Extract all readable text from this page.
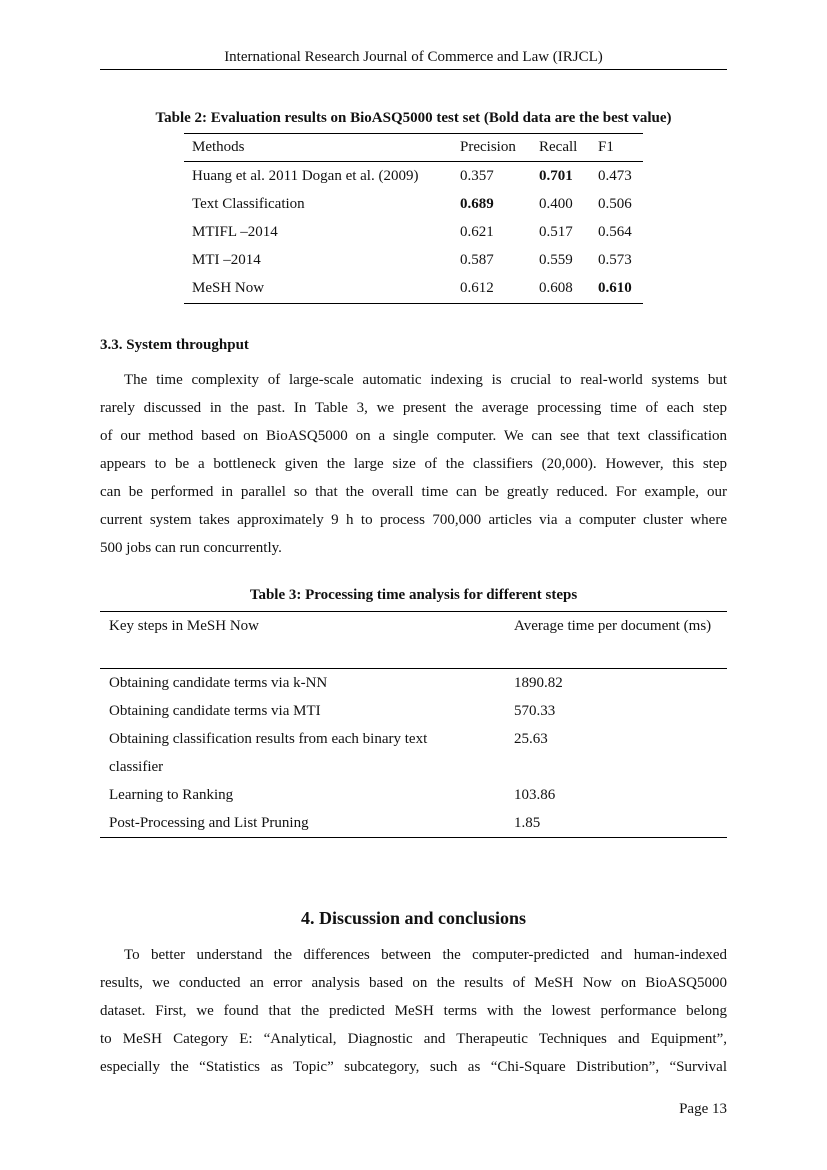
International Research Journal of Commerce and Law (IRJCL)
Table 2: Evaluation results on BioASQ5000 test set (Bold data are the best value)
Methods	Precision Recall F1
Huang et al. 2011 Dogan et al. (2009)	0.357	0.701 0.473
Text Classification	0.689	0.400 0.506
MTIFL –2014	0.621	0.517 0.564
MTI –2014	0.587	0.559 0.573
MeSH Now	0.612	0.608 0.610
3.3. System throughput
The time complexity of large-scale automatic indexing is crucial to real-world systems but
rarely discussed in the past. In Table 3, we present the average processing time of each step
of our method based on BioASQ5000 on a single computer. We can see that text classification
appears to be a bottleneck given the large size of the classifiers (20,000). However, this step
can be performed in parallel so that the overall time can be greatly reduced. For example, our
current system takes approximately 9 h to process 700,000 articles via a computer cluster where
500 jobs can run concurrently.
Table 3: Processing time analysis for different steps
Key steps in MeSH Now	Average time per document (ms)
Obtaining candidate terms via k-NN	1890.82
Obtaining candidate terms via MTI	570.33
Obtaining classification results from each binary text classifier
25.63
Learning to Ranking	103.86
Post-Processing and List Pruning	1.85
4. Discussion and conclusions
To better understand the differences between the computer-predicted and human-indexed
results, we conducted an error analysis based on the results of MeSH Now on BioASQ5000
dataset. First, we found that the predicted MeSH terms with the lowest performance belong
to MeSH Category E: “Analytical, Diagnostic and Therapeutic Techniques and Equipment”,
especially the “Statistics as Topic” subcategory, such as “Chi-Square Distribution”, “Survival
Page 13
